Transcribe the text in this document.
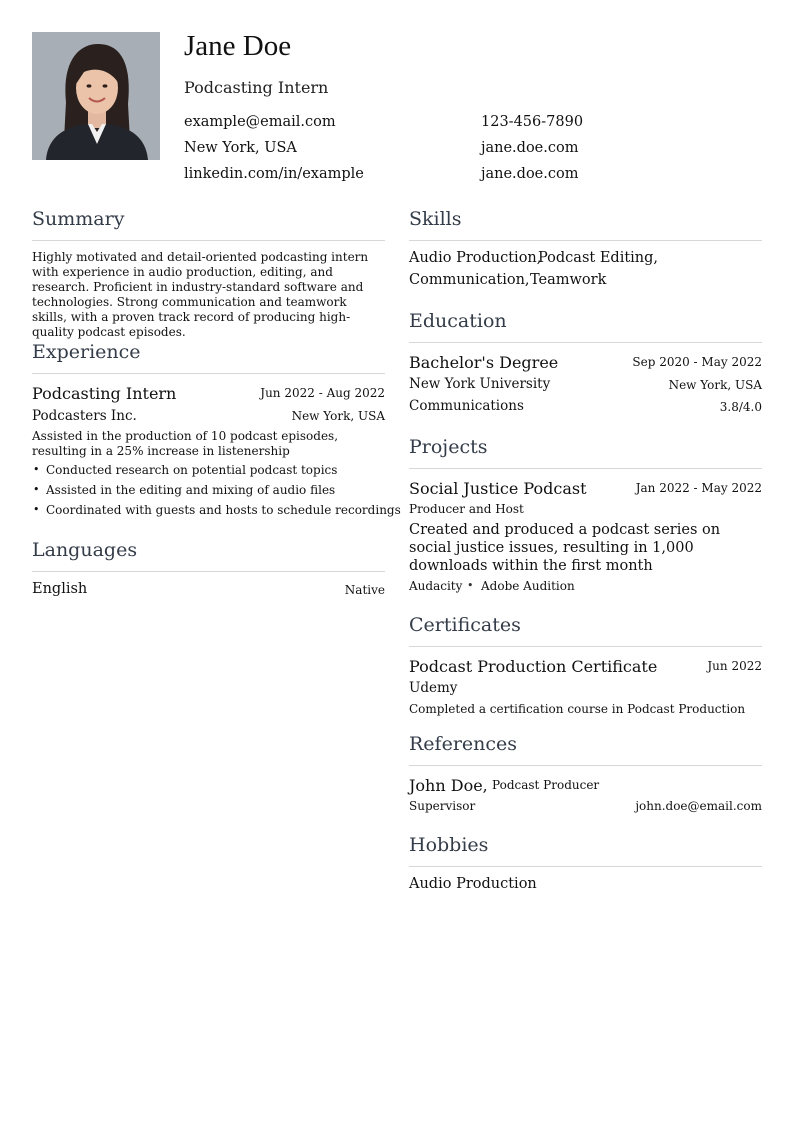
Jane Doe
Podcasting Intern
example@email.com	123-456-7890
New York, USA	jane.doe.com
linkedin.com/in/example	jane.doe.com
Summary
Highly motivated and detail-oriented podcasting intern with experience in audio production, editing, and research. Proficient in industry-standard software and technologies. Strong communication and teamwork skills, with a proven track record of producing high-quality podcast episodes.
Experience
Podcasting Intern	Jun 2022 - Aug 2022
Podcasters Inc.	New York, USA
Assisted in the production of 10 podcast episodes, resulting in a 25% increase in listenership
• Conducted research on potential podcast topics
• Assisted in the editing and mixing of audio files
• Coordinated with guests and hosts to schedule recordings
Languages
English	Native
Skills
Audio Production,
Podcast Editing,
Communication, Teamwork
Education
Bachelor's Degree	Sep 2020 - May 2022
New York University	New York, USA
Communications	3.8/4.0
Projects
Social Justice Podcast	Jan 2022 - May 2022
Producer and Host
Created and produced a podcast series on social justice issues, resulting in 1,000 downloads within the first month
Audacity • Adobe Audition
Certificates
Podcast Production Certificate	Jun 2022
Udemy
Completed a certification course in Podcast Production
References
John Doe, Podcast Producer
Supervisor	john.doe@email.com
Hobbies
Audio Production
